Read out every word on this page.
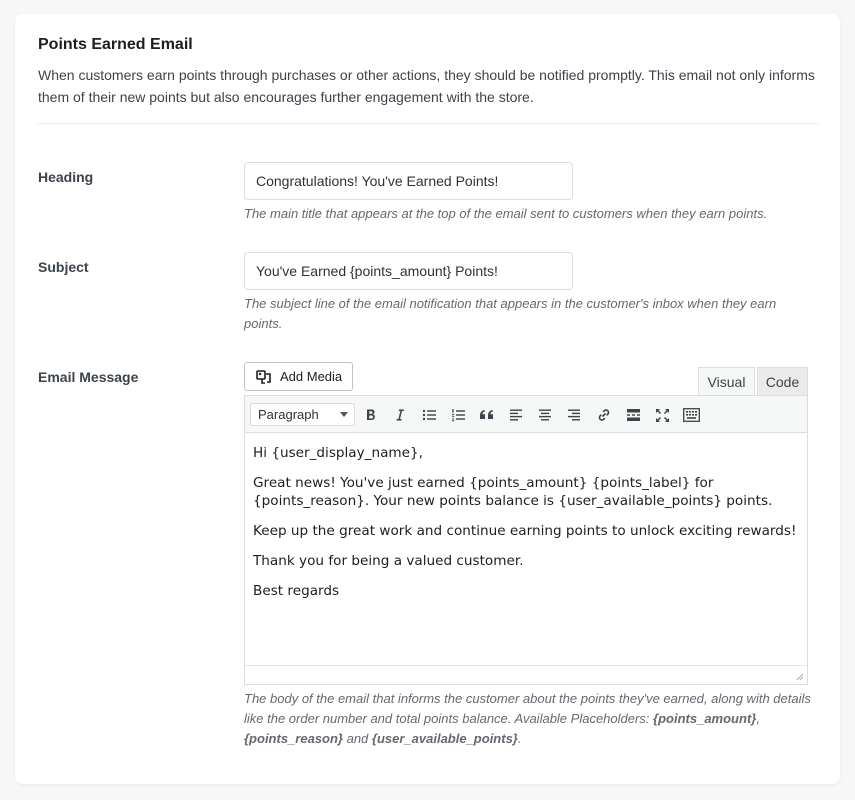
Points Earned Email
When customers earn points through purchases or other actions, they should be notified promptly. This email not only informs them of their new points but also encourages further engagement with the store.
Heading
Congratulations! You've Earned Points!
The main title that appears at the top of the email sent to customers when they earn points.
Subject
You've Earned {points_amount} Points!
The subject line of the email notification that appears in the customer's inbox when they earn points.
Email Message	Add Media	Visual	Code
Paragraph

Hi {user_display_name},

Great news! You've just earned {points_amount} {points_label} for {points_reason}. Your new points balance is {user_available_points} points.

Keep up the great work and continue earning points to unlock exciting rewards!

Thank you for being a valued customer.

Best regards

The body of the email that informs the customer about the points they've earned, along with details like the order number and total points balance. Available Placeholders: {points_amount}, {points_reason} and {user_available_points}.
